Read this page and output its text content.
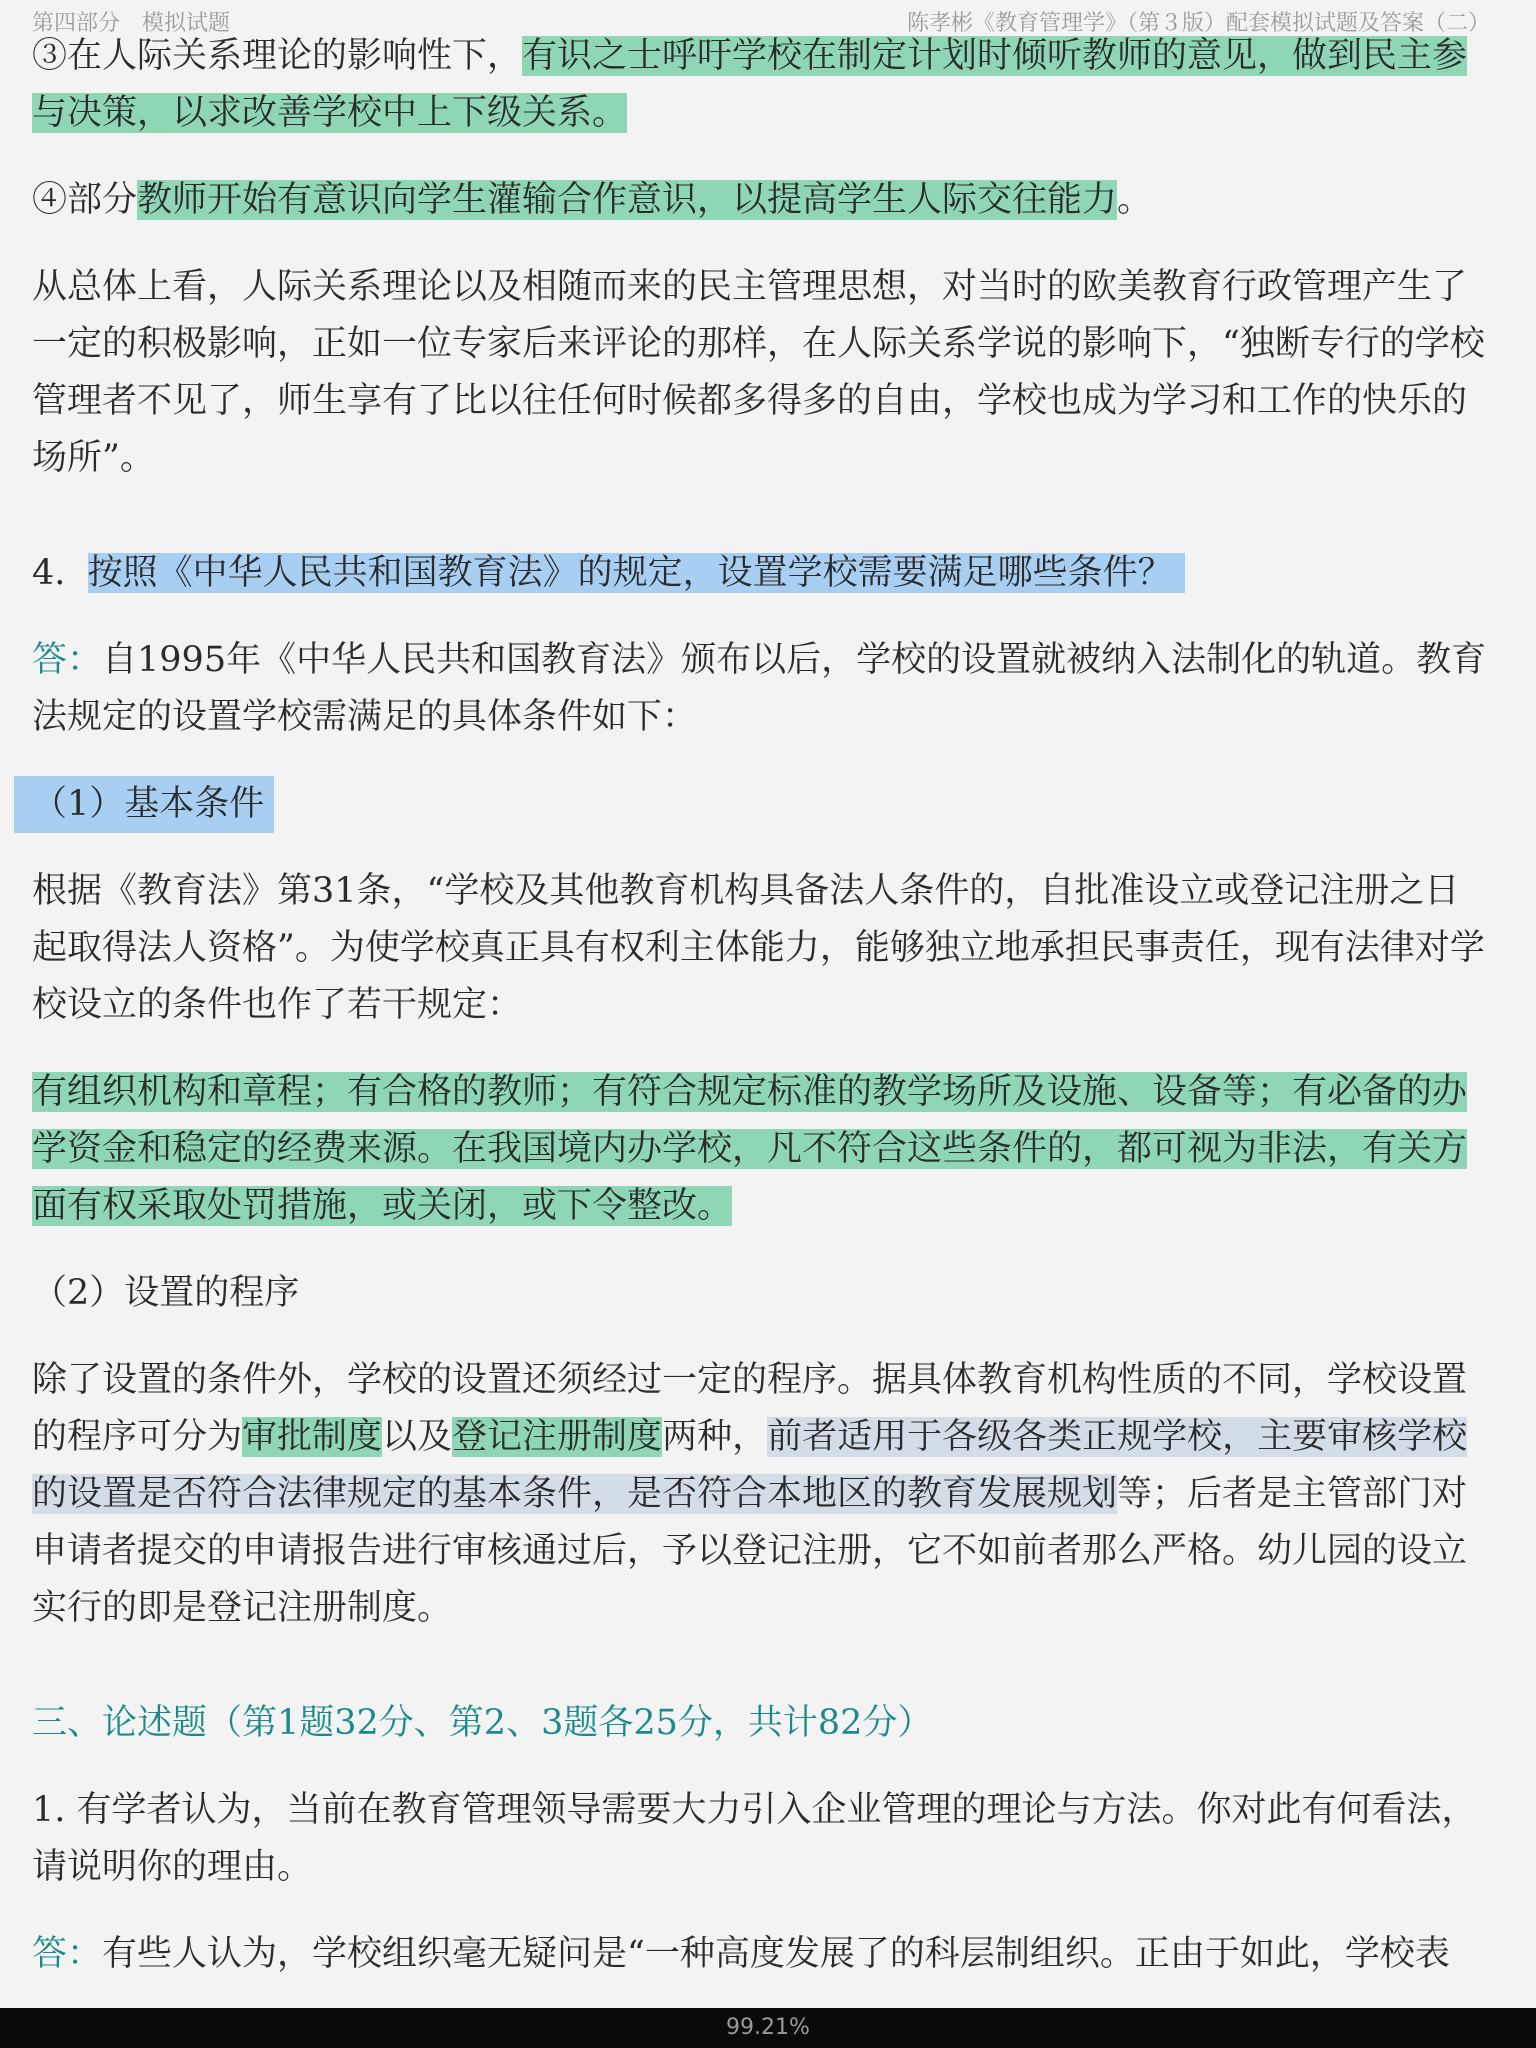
第四部分　模拟试题	陈孝彬《教育管理学》（第３版）配套模拟试题及答案（二）

③在人际关系理论的影响性下，有识之士呼吁学校在制定计划时倾听教师的意见，做到民主参与决策，以求改善学校中上下级关系。

④部分教师开始有意识向学生灌输合作意识，以提高学生人际交往能力。

从总体上看，人际关系理论以及相随而来的民主管理思想，对当时的欧美教育行政管理产生了一定的积极影响，正如一位专家后来评论的那样，在人际关系学说的影响下，“独断专行的学校管理者不见了，师生享有了比以往任何时候都多得多的自由，学校也成为学习和工作的快乐的场所”。

4. 按照《中华人民共和国教育法》的规定，设置学校需要满足哪些条件？

答：自1995年《中华人民共和国教育法》颁布以后，学校的设置就被纳入法制化的轨道。教育法规定的设置学校需满足的具体条件如下：

（1）基本条件

根据《教育法》第31条，“学校及其他教育机构具备法人条件的，自批准设立或登记注册之日起取得法人资格”。为使学校真正具有权利主体能力，能够独立地承担民事责任，现有法律对学校设立的条件也作了若干规定：

有组织机构和章程；有合格的教师；有符合规定标准的教学场所及设施、设备等；有必备的办学资金和稳定的经费来源。在我国境内办学校，凡不符合这些条件的，都可视为非法，有关方面有权采取处罚措施，或关闭，或下令整改。

（2）设置的程序

除了设置的条件外，学校的设置还须经过一定的程序。据具体教育机构性质的不同，学校设置的程序可分为审批制度以及登记注册制度两种，前者适用于各级各类正规学校，主要审核学校的设置是否符合法律规定的基本条件，是否符合本地区的教育发展规划等；后者是主管部门对申请者提交的申请报告进行审核通过后，予以登记注册，它不如前者那么严格。幼儿园的设立实行的即是登记注册制度。

三、论述题（第1题32分、第2、3题各25分，共计82分）

1. 有学者认为，当前在教育管理领导需要大力引入企业管理的理论与方法。你对此有何看法，请说明你的理由。

答：有些人认为，学校组织毫无疑问是“一种高度发展了的科层制组织。正由于如此，学校表

99.21%
